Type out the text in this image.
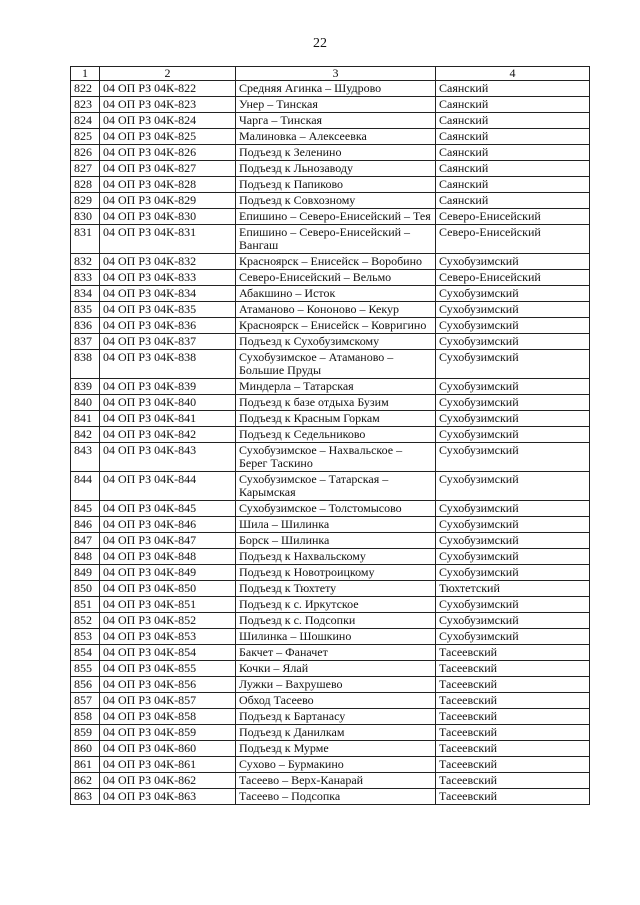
22
1	2	3	4
822	04 ОП РЗ 04К-822	Средняя Агинка – Шудрово	Саянский
823	04 ОП РЗ 04К-823	Унер – Тинская	Саянский
824	04 ОП РЗ 04К-824	Чарга – Тинская	Саянский
825	04 ОП РЗ 04К-825	Малиновка – Алексеевка	Саянский
826	04 ОП РЗ 04К-826	Подъезд к Зеленино	Саянский
827	04 ОП РЗ 04К-827	Подъезд к Льнозаводу	Саянский
828	04 ОП РЗ 04К-828	Подъезд к Папиково	Саянский
829	04 ОП РЗ 04К-829	Подъезд к Совхозному	Саянский
830	04 ОП РЗ 04К-830	Епишино – Северо-Енисейский – Тея	Северо-Енисейский
831	04 ОП РЗ 04К-831	Епишино – Северо-Енисейский – Вангаш	Северо-Енисейский
832	04 ОП РЗ 04К-832	Красноярск – Енисейск – Воробино	Сухобузимский
833	04 ОП РЗ 04К-833	Северо-Енисейский – Вельмо	Северо-Енисейский
834	04 ОП РЗ 04К-834	Абакшино – Исток	Сухобузимский
835	04 ОП РЗ 04К-835	Атаманово – Кононово – Кекур	Сухобузимский
836	04 ОП РЗ 04К-836	Красноярск – Енисейск – Ковригино	Сухобузимский
837	04 ОП РЗ 04К-837	Подъезд к Сухобузимскому	Сухобузимский
838	04 ОП РЗ 04К-838	Сухобузимское – Атаманово – Большие Пруды	Сухобузимский
839	04 ОП РЗ 04К-839	Миндерла – Татарская	Сухобузимский
840	04 ОП РЗ 04К-840	Подъезд к базе отдыха Бузим	Сухобузимский
841	04 ОП РЗ 04К-841	Подъезд к Красным Горкам	Сухобузимский
842	04 ОП РЗ 04К-842	Подъезд к Седельниково	Сухобузимский
843	04 ОП РЗ 04К-843	Сухобузимское – Нахвальское – Берег Таскино	Сухобузимский
844	04 ОП РЗ 04К-844	Сухобузимское – Татарская – Карымская	Сухобузимский
845	04 ОП РЗ 04К-845	Сухобузимское – Толстомысово	Сухобузимский
846	04 ОП РЗ 04К-846	Шила – Шилинка	Сухобузимский
847	04 ОП РЗ 04К-847	Борск – Шилинка	Сухобузимский
848	04 ОП РЗ 04К-848	Подъезд к Нахвальскому	Сухобузимский
849	04 ОП РЗ 04К-849	Подъезд к Новотроицкому	Сухобузимский
850	04 ОП РЗ 04К-850	Подъезд к Тюхтету	Тюхтетский
851	04 ОП РЗ 04К-851	Подъезд к с. Иркутское	Сухобузимский
852	04 ОП РЗ 04К-852	Подъезд к с. Подсопки	Сухобузимский
853	04 ОП РЗ 04К-853	Шилинка – Шошкино	Сухобузимский
854	04 ОП РЗ 04К-854	Бакчет – Фаначет	Тасеевский
855	04 ОП РЗ 04К-855	Кочки – Ялай	Тасеевский
856	04 ОП РЗ 04К-856	Лужки – Вахрушево	Тасеевский
857	04 ОП РЗ 04К-857	Обход Тасеево	Тасеевский
858	04 ОП РЗ 04К-858	Подъезд к Бартанасу	Тасеевский
859	04 ОП РЗ 04К-859	Подъезд к Данилкам	Тасеевский
860	04 ОП РЗ 04К-860	Подъезд к Мурме	Тасеевский
861	04 ОП РЗ 04К-861	Сухово – Бурмакино	Тасеевский
862	04 ОП РЗ 04К-862	Тасеево – Верх-Канарай	Тасеевский
863	04 ОП РЗ 04К-863	Тасеево – Подсопка	Тасеевский
